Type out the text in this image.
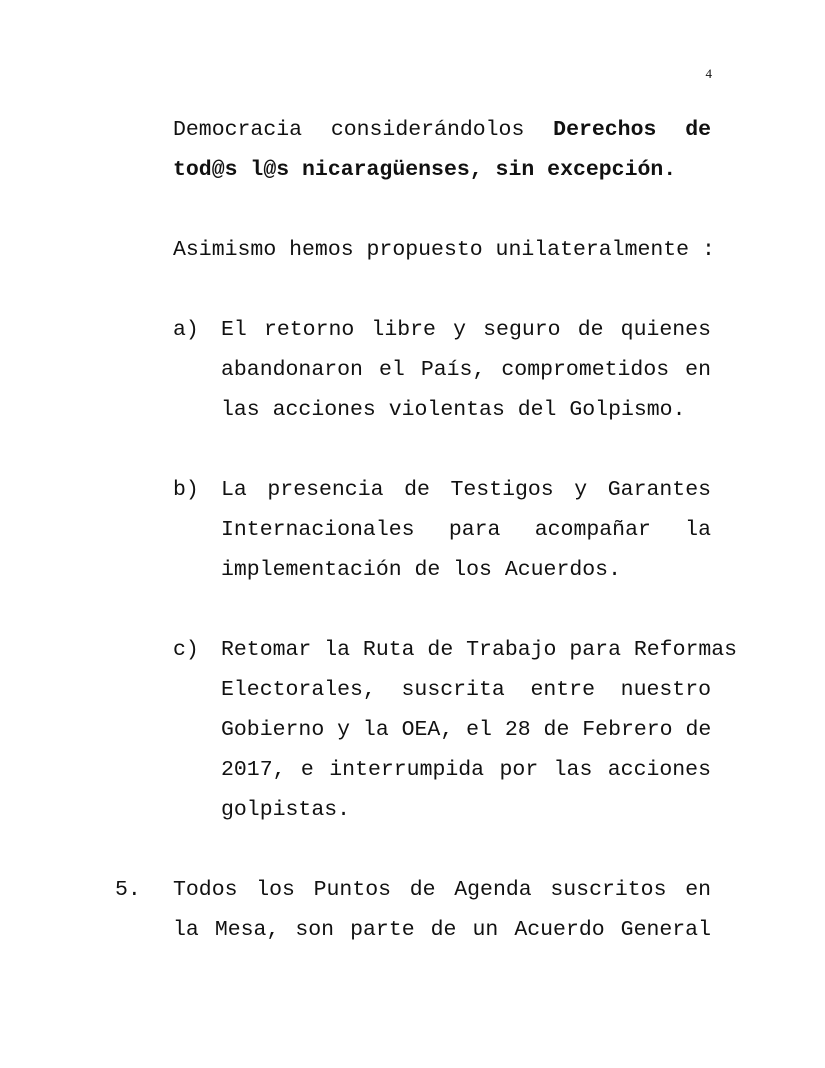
4
Democracia considerándolos Derechos de
tod@s l@s nicaragüenses, sin excepción.
Asimismo hemos propuesto unilateralmente :
a) El retorno libre y seguro de quienes
abandonaron el País, comprometidos en
las acciones violentas del Golpismo.
b) La presencia de Testigos y Garantes
Internacionales para acompañar la
implementación de los Acuerdos.
c) Retomar la Ruta de Trabajo para Reformas
Electorales, suscrita entre nuestro
Gobierno y la OEA, el 28 de Febrero de
2017, e interrumpida por las acciones
golpistas.
5. Todos los Puntos de Agenda suscritos en
la Mesa, son parte de un Acuerdo General
